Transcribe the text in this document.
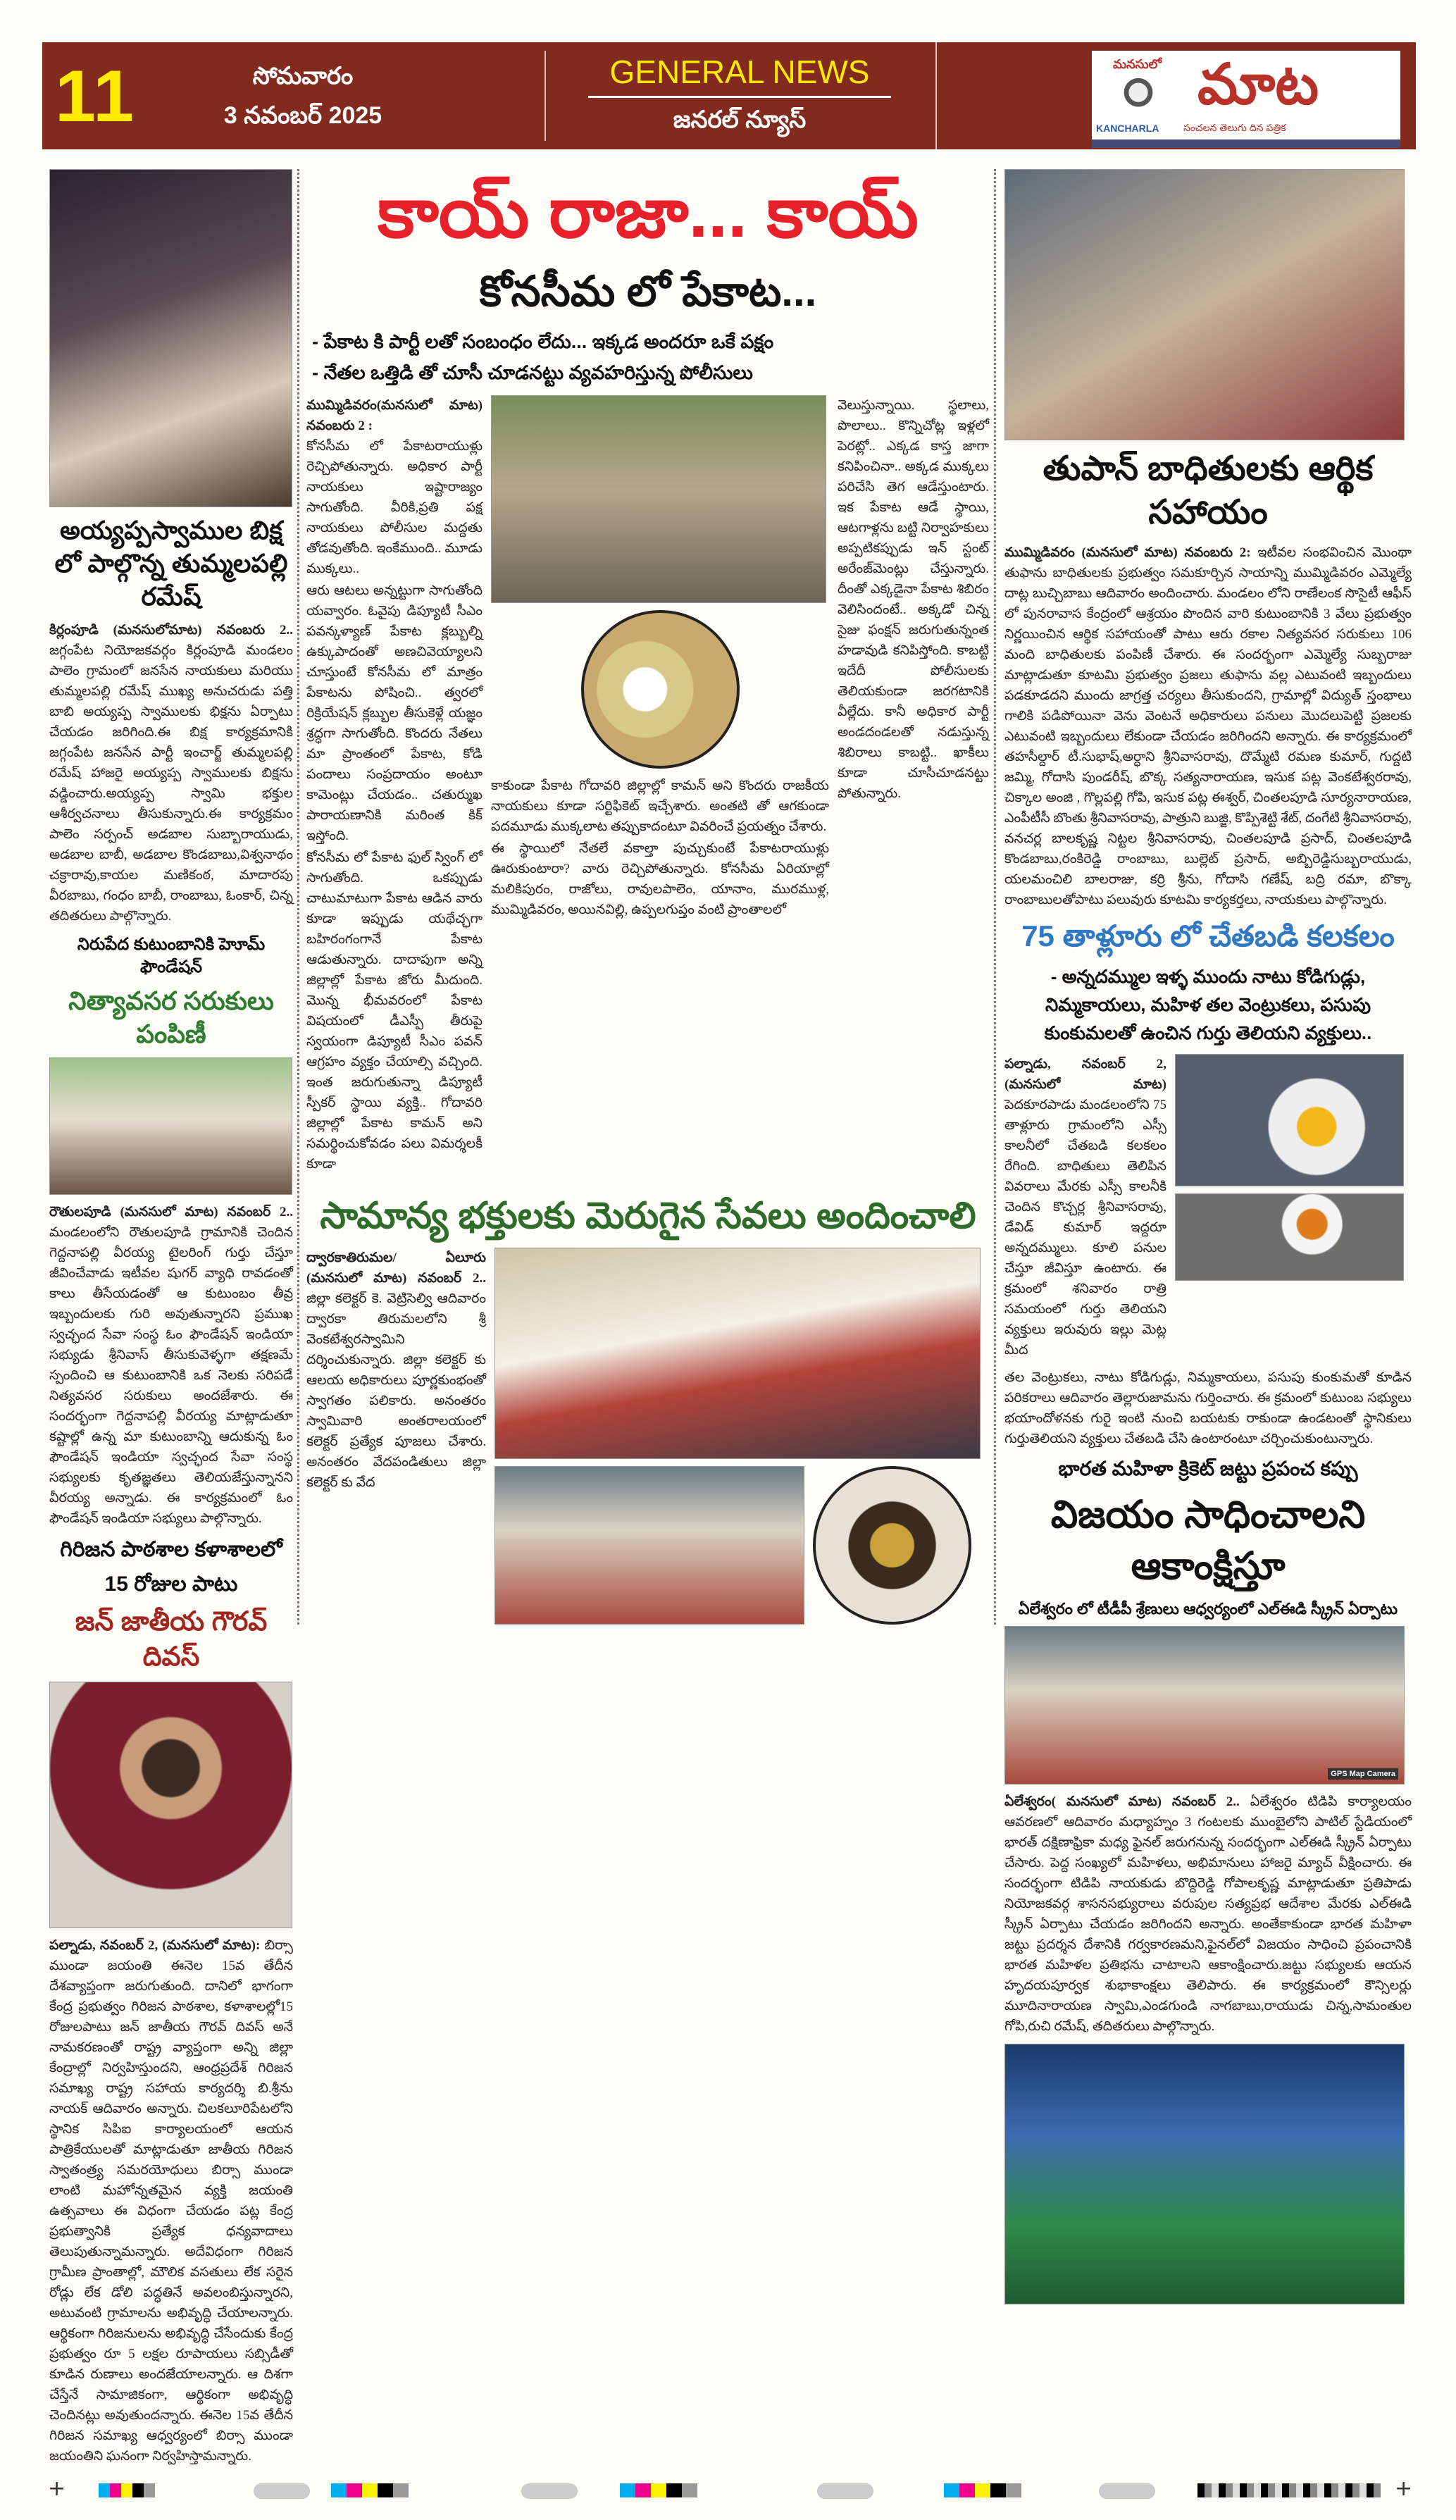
11	సోమవారం
3 నవంబర్ 2025
GENERAL NEWS
జనరల్ న్యూస్
మనసులో మాట
KANCHARLA సంచలన తెలుగు దిన పత్రిక
అయ్యప్పస్వాముల బిక్ష లో పాల్గొన్న తుమ్మలపల్లి రమేష్
కిర్లంపూడి (మనసులోమాట) నవంబరు 2.. జగ్గంపేట నియోజకవర్గం కిర్లంపూడి మండలం పాలెం గ్రామంలో జనసేన నాయకులు మరియు తుమ్మలపల్లి రమేష్ ముఖ్య అనుచరుడు పత్తి బాబి అయ్యప్ప స్వాములకు భిక్షను ఏర్పాటు చేయడం జరిగింది.ఈ బిక్ష కార్యక్రమానికి జగ్గంపేట జనసేన పార్టీ ఇంచార్జ్ తుమ్మలపల్లి రమేష్ హాజరై అయ్యప్ప స్వాములకు బిక్షను వడ్డించారు.అయ్యప్ప స్వామి భక్తుల ఆశీర్వచనాలు తీసుకున్నారు.ఈ కార్యక్రమం పాలెం సర్పంచ్ అడబాల సుబ్బారాయుడు, అడబాల బాబీ, అడబాల కొండబాబు,విశ్వనాథం చక్రారావు,కాయల మణికంఠ, మాదారపు వీరబాబు, గంధం బాబీ, రాంబాబు, ఓంకార్, చిన్న తదితరులు పాల్గొన్నారు.
నిరుపేద కుటుంబానికి హెూమ్ ఫౌండేషన్
నిత్యావసర సరుకులు పంపిణీ
రౌతులపూడి (మనసులో మాట) నవంబర్ 2.. మండలంలోని రౌతులపూడి గ్రామానికి చెందిన గెద్దనాపల్లి వీరయ్య టైలరింగ్ గుర్తు చేస్తూ జీవించేవాడు ఇటీవల షుగర్ వ్యాధి రావడంతో కాలు తీసేయడంతో ఆ కుటుంబం తీవ్ర ఇబ్బందులకు గురి అవుతున్నారని ప్రముఖ స్వచ్ఛంద సేవా సంస్థ ఓం ఫౌండేషన్ ఇండియా సభ్యుడు శ్రీనివాస్ తీసుకువెళ్ళగా తక్షణమే స్పందించి ఆ కుటుంబానికి ఒక నెలకు సరిపడే నిత్యవసర సరుకులు అందజేశారు. ఈ సందర్భంగా గెద్దనాపల్లి వీరయ్య మాట్లాడుతూ కష్టాల్లో ఉన్న మా కుటుంబాన్ని ఆదుకున్న ఓం ఫౌండేషన్ ఇండియా స్వచ్ఛంద సేవా సంస్థ సభ్యులకు కృతజ్ఞతలు తెలియజేస్తున్నానని వీరయ్య అన్నాడు. ఈ కార్యక్రమంలో ఓం ఫౌండేషన్ ఇండియా సభ్యులు పాల్గొన్నారు.
గిరిజన పాఠశాల కళాశాలలో
15 రోజుల పాటు
జన్ జాతీయ గౌరవ్ దివస్
పల్నాడు, నవంబర్ 2, (మనసులో మాట): బిర్సా ముండా జయంతి ఈనెల 15వ తేదీన దేశవ్యాప్తంగా జరుగుతుంది. దానిలో భాగంగా కేంద్ర ప్రభుత్వం గిరిజన పాఠశాల, కళాశాలల్లో15 రోజులపాటు జన్ జాతీయ గౌరవ్ దివస్ అనే నామకరణంతో రాష్ట్ర వ్యాప్తంగా అన్ని జిల్లా కేంద్రాల్లో నిర్వహిస్తుందని, ఆంధ్రప్రదేశ్ గిరిజన సమాఖ్య రాష్ట్ర సహాయ కార్యదర్శి బి.శ్రీను నాయక్ ఆదివారం అన్నారు. చిలకలూరిపేటలోని స్థానిక సిపిఐ కార్యాలయంలో ఆయన పాత్రికేయులతో మాట్లాడుతూ జాతీయ గిరిజన స్వాతంత్ర్య సమరయోధులు బిర్సా ముండా లాంటి మహోన్నతమైన వ్యక్తి జయంతి ఉత్సవాలు ఈ విధంగా చేయడం పట్ల కేంద్ర ప్రభుత్వానికి ప్రత్యేక ధన్యవాదాలు తెలుపుతున్నామన్నారు. అదేవిధంగా గిరిజన గ్రామీణ ప్రాంతాల్లో, మౌలిక వసతులు లేక సరైన రోడ్లు లేక డోలి పద్ధతినే అవలంబిస్తున్నారని, అటువంటి గ్రామాలను అభివృద్ధి చేయాలన్నారు. ఆర్థికంగా గిరిజనులను అభివృద్ధి చేసేందుకు కేంద్ర ప్రభుత్వం రూ 5 లక్షల రూపాయలు సబ్సిడీతో కూడిన రుణాలు అందజేయాలన్నారు. ఆ దిశగా చేస్తేనే సామాజికంగా, ఆర్థికంగా అభివృద్ధి చెందినట్లు అవుతుందన్నారు. ఈనెల 15వ తేదీన గిరిజన సమాఖ్య ఆధ్వర్యంలో బిర్సా ముండా జయంతిని ఘనంగా నిర్వహిస్తామన్నారు.
కాయ్ రాజా... కాయ్
కోనసీమ లో పేకాట...
- పేకాట కి పార్టీ లతో సంబంధం లేదు... ఇక్కడ అందరూ ఒకే పక్షం
- నేతల ఒత్తిడి తో చూసీ చూడనట్టు వ్యవహరిస్తున్న పోలీసులు
ముమ్మిడివరం(మనసులో మాట) నవంబరు 2 :

కోనసీమ లో పేకాటరాయుళ్లు రెచ్చిపోతున్నారు. అధికార పార్టీ నాయకులు ఇష్టారాజ్యం సాగుతోంది. వీరికి,ప్రతి పక్ష నాయకులు పోలీసుల మద్దతు తోడవుతోంది. ఇంకేముంది.. మూడు ముక్కలు..

ఆరు ఆటలు అన్నట్టుగా సాగుతోంది యవ్వారం. ఓవైపు డిప్యూటీ సీఎం పవన్కళ్యాణ్ పేకాట క్లబ్బుల్ని ఉక్కుపాదంతో అణచివెయ్యాలని చూస్తుంటే కోనసీమ లో మాత్రం పేకాటను పోషించి.. త్వరలో రిక్రియేషన్ క్లబ్బుల తీసుకెళ్లే యజ్ఞం శ్రద్ధగా సాగుతోంది. కొందరు నేతలు మా ప్రాంతంలో పేకాట, కోడి పందాలు సంప్రదాయం అంటూ కామెంట్లు చేయడం.. చతుర్ముఖ పారాయణానికి మరింత కిక్ ఇస్తోంది.

కోనసీమ లో పేకాట ఫుల్ స్వింగ్ లో సాగుతోంది. ఒకప్పుడు చాటుమాటుగా పేకాట ఆడిన వారు కూడా ఇప్పుడు యథేచ్ఛగా బహిరంగంగానే పేకాట ఆడుతున్నారు. దాదాపుగా అన్ని జిల్లాల్లో పేకాట జోరు మీదుంది. మొన్న భీమవరంలో పేకాట విషయంలో డీఎస్పీ తీరుపై స్వయంగా డిప్యూటీ సీఎం పవన్ ఆగ్రహం వ్యక్తం చేయాల్సి వచ్చింది. ఇంత జరుగుతున్నా డిప్యూటీ స్పీకర్ స్థాయి వ్యక్తి.. గోదావరి జిల్లాల్లో పేకాట కామన్ అని సమర్థించుకోవడం పలు విమర్శలకీ కూడా

కాకుండా పేకాట గోదావరి జిల్లాల్లో కామన్ అని కొందరు రాజకీయ నాయకులు కూడా సర్టిఫికెట్ ఇచ్చేశారు. అంతటి తో ఆగకుండా పదమూడు ముక్కలాట తప్పుకాదంటూ వివరించే ప్రయత్నం చేశారు.

ఈ స్థాయిలో నేతలే వకాల్తా పుచ్చుకుంటే పేకాటరాయుళ్లు ఊరుకుంటారా? వారు రెచ్చిపోతున్నారు. కోనసీమ ఏరియాల్లో మలికిపురం, రాజోలు, రావులపాలెం, యానాం, మురముళ్ల, ముమ్మిడివరం, అయినవిల్లి, ఉప్పలగుప్తం వంటి ప్రాంతాలలో

వెలుస్తున్నాయి. స్థలాలు, పొలాలు.. కొన్నిచోట్ల ఇళ్లలో పెరట్లో.. ఎక్కడ కాస్త జాగా కనిపించినా.. అక్కడ ముక్కలు పరిచేసి తెగ ఆడేస్తుంటారు. ఇక పేకాట ఆడే స్థాయి, ఆటగాళ్లను బట్టి నిర్వాహకులు అప్పటికప్పుడు ఇన్ స్టంట్ అరేంజ్‌మెంట్లు చేస్తున్నారు. దీంతో ఎక్కడైనా పేకాట శిబిరం వెలిసిందంటే.. అక్కడో చిన్న సైజు ఫంక్షన్ జరుగుతున్నంత హడావుడి కనిపిస్తోంది. కాబట్టి ఇదేదీ పోలీసులకు తెలియకుండా జరగటానికి వీల్లేదు. కానీ అధికార పార్టీ అండదండలతో నడుస్తున్న శిబిరాలు కాబట్టి.. ఖాకీలు కూడా చూసీచూడనట్టు పోతున్నారు.

సామాన్య భక్తులకు మెరుగైన సేవలు అందించాలి
ద్వారకాతిరుమల/ ఏలూరు (మనసులో మాట) నవంబర్ 2.. జిల్లా కలెక్టర్ కె. వెట్రిసెల్వి ఆదివారం ద్వారకా తిరుమలలోని శ్రీ వెంకటేశ్వరస్వామిని దర్శించుకున్నారు. జిల్లా కలెక్టర్ కు ఆలయ అధికారులు పూర్ణకుంభంతో స్వాగతం పలికారు. అనంతరం స్వామివారి అంతరాలయంలో కలెక్టర్ ప్రత్యేక పూజలు చేశారు. అనంతరం వేదపండితులు జిల్లా కలెక్టర్ కు వేద
తుపాన్ బాధితులకు ఆర్థిక సహాయం
ముమ్మిడివరం (మనసులో మాట) నవంబరు 2: ఇటీవల సంభవించిన మొంథా తుఫాను బాధితులకు ప్రభుత్వం సమకూర్చిన సాయాన్ని ముమ్మిడివరం ఎమ్మెల్యే దాట్ల బుచ్చిబాబు ఆదివారం అందించారు. మండలం లోని రాణేలంక సొసైటీ ఆఫీస్ లో పునరావాస కేంద్రంలో ఆశ్రయం పొందిన వారి కుటుంబానికి 3 వేలు ప్రభుత్వం నిర్ణయించిన ఆర్థిక సహాయంతో పాటు ఆరు రకాల నిత్యవసర సరుకులు 106 మంది బాధితులకు పంపిణీ చేశారు. ఈ సందర్భంగా ఎమ్మెల్యే సుబ్బరాజు మాట్లాడుతూ కూటమి ప్రభుత్వం ప్రజలు తుఫాను వల్ల ఎటువంటి ఇబ్బందులు పడకూడదని ముందు జాగ్రత్త చర్యలు తీసుకుందని, గ్రామాల్లో విద్యుత్ స్తంభాలు గాలికి పడిపోయినా వెను వెంటనే అధికారులు పనులు మొదలుపెట్టి ప్రజలకు ఎటువంటి ఇబ్బందులు లేకుండా చేయడం జరిగిందని అన్నారు. ఈ కార్యక్రమంలో తహసీల్దార్ టీ.సుభాష్,అర్ధాని శ్రీనివాసరావు, దొమ్మేటి రమణ కుమార్, గుద్దటి జమ్మి, గోదాసి పుండరీష్, బొక్క సత్యనారాయణ, ఇసుక పట్ల వెంకటేశ్వరరావు, చిక్కాల అంజి , గొల్లపల్లి గోపి, ఇసుక పట్ల ఈశ్వర్, చింతలపూడి సూర్యనారాయణ, ఎంపీటీసీ బొంతు శ్రీనివాసరావు, పాత్రుని బుజ్జి, కొప్పిశెట్టి శేట్, దంగేటి శ్రీనివాసరావు, వనచర్ల బాలకృష్ణ నిట్టల శ్రీనివాసరావు, చింతలపూడి ప్రసాద్, చింతలపూడి కొండబాబు,రంకిరెడ్డి రాంబాబు, బుల్లెట్ ప్రసాద్, అబ్బిరెడ్డిసుబ్బరాయుడు, యలమంచిలి బాలరాజు, కర్రి శ్రీను, గోదాసి గణేష్, బద్రి రమా, బొక్కా రాంబాబులతోపాటు పలువురు కూటమి కార్యకర్తలు, నాయకులు పాల్గొన్నారు.
75 తాళ్లూరు లో చేతబడి కలకలం
- అన్నదమ్ముల ఇళ్ళ ముందు నాటు కోడిగుడ్లు, నిమ్మకాయలు, మహిళ తల వెంట్రుకలు, పసుపు కుంకుమలతో ఉంచిన గుర్తు తెలియని వ్యక్తులు..
పల్నాడు, నవంబర్ 2, (మనసులో మాట) పెదకూరపాడు మండలంలోని 75 తాళ్లూరు గ్రామంలోని ఎస్సీ కాలనీలో చేతబడి కలకలం రేగింది. బాధితులు తెలిపిన వివరాలు మేరకు ఎస్సీ కాలనీకి చెందిన కొచ్చర్ల శ్రీనివాసరావు, డేవిడ్ కుమార్ ఇద్దరూ అన్నదమ్ములు. కూలి పనుల చేస్తూ జీవిస్తూ ఉంటారు. ఈ క్రమంలో శనివారం రాత్రి సమయంలో గుర్తు తెలియని వ్యక్తులు ఇరువురు ఇల్లు మెట్ల మీద
తల వెంట్రుకలు, నాటు కోడిగుడ్లు, నిమ్మకాయలు, పసుపు కుంకుమతో కూడిన పరికరాలు ఆదివారం తెల్లారుజామను గుర్తించారు. ఈ క్రమంలో కుటుంబ సభ్యులు భయాందోళనకు గురై ఇంటి నుంచి బయటకు రాకుండా ఉండటంతో స్థానికులు గుర్తుతెలియని వ్యక్తులు చేతబడి చేసి ఉంటారంటూ చర్చించుకుంటున్నారు.
భారత మహిళా క్రికెట్ జట్టు ప్రపంచ కప్పు
విజయం సాధించాలని ఆకాంక్షిస్తూ
ఏలేశ్వరం లో టీడీపీ శ్రేణులు ఆధ్వర్యంలో ఎల్ఈడి స్క్రీన్ ఏర్పాటు
GPS Map Camera
ఏలేశ్వరం( మనసులో మాట) నవంబర్ 2.. ఏలేశ్వరం టిడిపి కార్యాలయం ఆవరణలో ఆదివారం మధ్యాహ్నం 3 గంటలకు ముంబైలోని పాటిల్ స్టేడియంలో భారత్ దక్షిణాఫ్రికా మధ్య ఫైనల్ జరుగనున్న సందర్భంగా ఎల్ఈడి స్క్రీన్ ఏర్పాటు చేసారు. పెద్ద సంఖ్యలో మహిళలు, అభిమానులు హాజరై మ్యాచ్ వీక్షించారు. ఈ సందర్భంగా టిడిపి నాయకుడు బొద్దిరెడ్డి గోపాలకృష్ణ మాట్లాడుతూ ప్రతిపాడు నియోజకవర్గ శాసనసభ్యురాలు వరుపుల సత్యప్రభ ఆదేశాల మేరకు ఎల్ఈడి స్క్రీన్ ఏర్పాటు చేయడం జరిగిందని అన్నారు. అంతేకాకుండా భారత మహిళా జట్టు ప్రదర్శన దేశానికి గర్వకారణమని,ఫైనల్‌లో విజయం సాధించి ప్రపంచానికి భారత మహిళల ప్రతిభను చాటాలని ఆకాంక్షించారు.జట్టు సభ్యులకు ఆయన హృదయపూర్వక శుభాకాంక్షలు తెలిపారు. ఈ కార్యక్రమంలో కౌన్సిలర్లు మూదినారాయణ స్వామి,ఎండగుండి నాగబాబు,రాయుడు చిన్న,సామంతుల గోపి,రుచి రమేష్, తదితరులు పాల్గొన్నారు.
+	+
